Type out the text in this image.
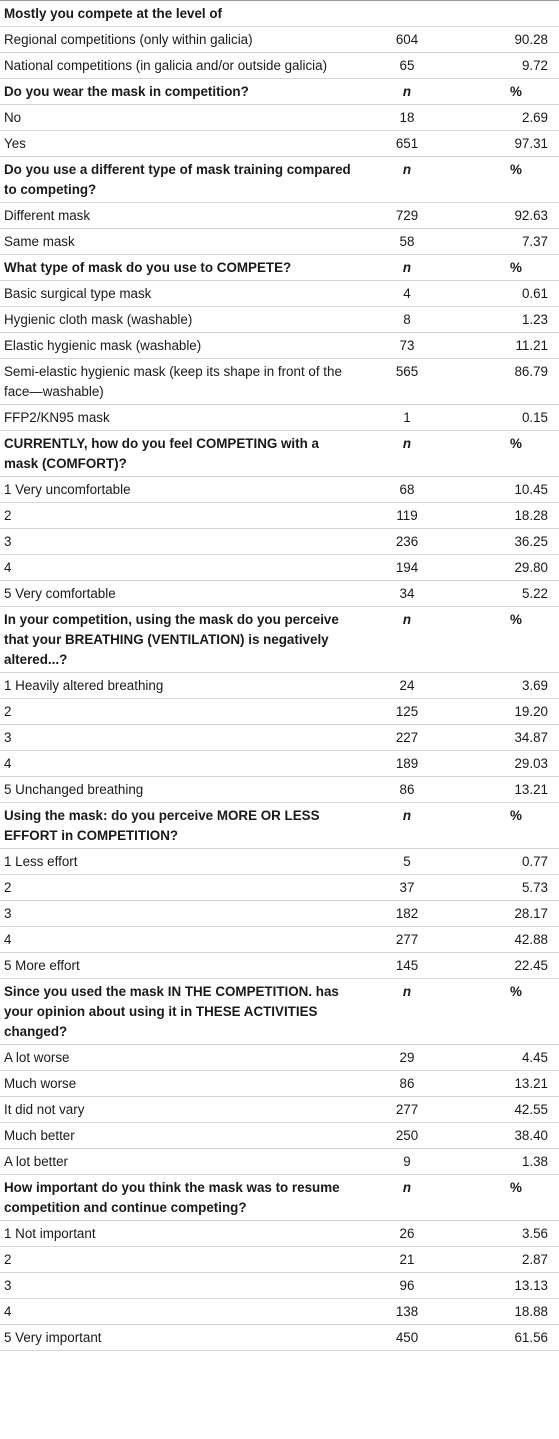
Mostly you compete at the level of		
Regional competitions (only within galicia)	604	90.28
National competitions (in galicia and/or outside galicia)	65	9.72
Do you wear the mask in competition?	n	%
No	18	2.69
Yes	651	97.31
Do you use a different type of mask training compared to competing?	n	%
Different mask	729	92.63
Same mask	58	7.37
What type of mask do you use to COMPETE?	n	%
Basic surgical type mask	4	0.61
Hygienic cloth mask (washable)	8	1.23
Elastic hygienic mask (washable)	73	11.21
Semi-elastic hygienic mask (keep its shape in front of the face—washable)	565	86.79
FFP2/KN95 mask	1	0.15
CURRENTLY, how do you feel COMPETING with a mask (COMFORT)?	n	%
1 Very uncomfortable	68	10.45
2	119	18.28
3	236	36.25
4	194	29.80
5 Very comfortable	34	5.22
In your competition, using the mask do you perceive that your BREATHING (VENTILATION) is negatively altered...?	n	%
1 Heavily altered breathing	24	3.69
2	125	19.20
3	227	34.87
4	189	29.03
5 Unchanged breathing	86	13.21
Using the mask: do you perceive MORE OR LESS EFFORT in COMPETITION?	n	%
1 Less effort	5	0.77
2	37	5.73
3	182	28.17
4	277	42.88
5 More effort	145	22.45
Since you used the mask IN THE COMPETITION. has your opinion about using it in THESE ACTIVITIES changed?	n	%
A lot worse	29	4.45
Much worse	86	13.21
It did not vary	277	42.55
Much better	250	38.40
A lot better	9	1.38
How important do you think the mask was to resume competition and continue competing?	n	%
1 Not important	26	3.56
2	21	2.87
3	96	13.13
4	138	18.88
5 Very important	450	61.56
